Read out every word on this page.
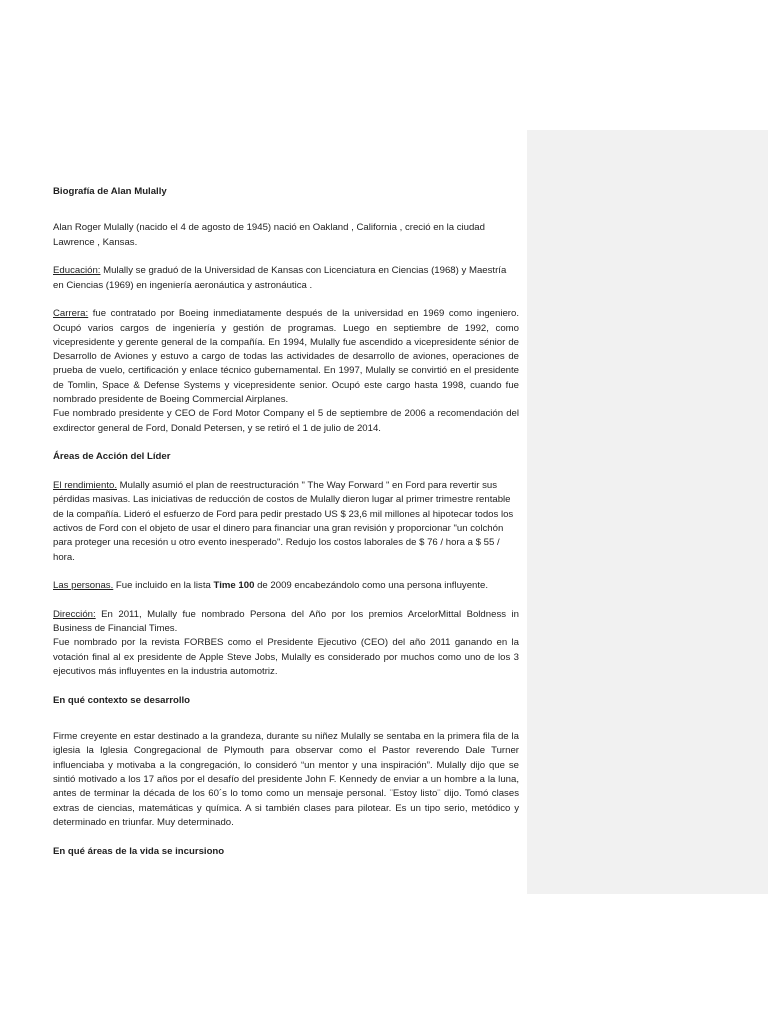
Biografía de Alan Mulally

Alan Roger Mulally (nacido el 4 de agosto de 1945) nació en Oakland , California , creció en la ciudad Lawrence , Kansas.

Educación: Mulally se graduó de la Universidad de Kansas con Licenciatura en Ciencias (1968) y Maestría en Ciencias (1969) en ingeniería aeronáutica y astronáutica .

Carrera: fue contratado por Boeing inmediatamente después de la universidad en 1969 como ingeniero. Ocupó varios cargos de ingeniería y gestión de programas. Luego en septiembre de 1992, como vicepresidente y gerente general de la compañía. En 1994, Mulally fue ascendido a vicepresidente sénior de Desarrollo de Aviones y estuvo a cargo de todas las actividades de desarrollo de aviones, operaciones de prueba de vuelo, certificación y enlace técnico gubernamental. En 1997, Mulally se convirtió en el presidente de Tomlin, Space & Defense Systems y vicepresidente senior. Ocupó este cargo hasta 1998, cuando fue nombrado presidente de Boeing Commercial Airplanes.

Fue nombrado presidente y CEO de Ford Motor Company el 5 de septiembre de 2006 a recomendación del exdirector general de Ford, Donald Petersen, y se retiró el 1 de julio de 2014.

Áreas de Acción del Líder

El rendimiento. Mulally asumió el plan de reestructuración " The Way Forward " en Ford para revertir sus pérdidas masivas. Las iniciativas de reducción de costos de Mulally dieron lugar al primer trimestre rentable de la compañía. Lideró el esfuerzo de Ford para pedir prestado US $ 23,6 mil millones al hipotecar todos los activos de Ford con el objeto de usar el dinero para financiar una gran revisión y proporcionar "un colchón para proteger una recesión u otro evento inesperado". Redujo los costos laborales de $ 76 / hora a $ 55 / hora.

Las personas. Fue incluido en la lista Time 100 de 2009 encabezándolo como una persona influyente.

Dirección: En 2011, Mulally fue nombrado Persona del Año por los premios ArcelorMittal Boldness in Business de Financial Times.

Fue nombrado por la revista FORBES como el Presidente Ejecutivo (CEO) del año 2011 ganando en la votación final al ex presidente de Apple Steve Jobs, Mulally es considerado por muchos como uno de los 3 ejecutivos más influyentes en la industria automotriz.

En qué contexto se desarrollo

Firme creyente en estar destinado a la grandeza, durante su niñez Mulally se sentaba en la primera fila de la iglesia la Iglesia Congregacional de Plymouth para observar como el Pastor reverendo Dale Turner influenciaba y motivaba a la congregación, lo consideró “un mentor y una inspiración”. Mulally dijo que se sintió motivado a los 17 años por el desafío del presidente John F. Kennedy de enviar a un hombre a la luna, antes de terminar la década de los 60´s lo tomo como un mensaje personal. ¨Estoy listo¨ dijo. Tomó clases extras de ciencias, matemáticas y química. A si también clases para pilotear. Es un tipo serio, metódico y determinado en triunfar. Muy determinado.

En qué áreas de la vida se incursiono
